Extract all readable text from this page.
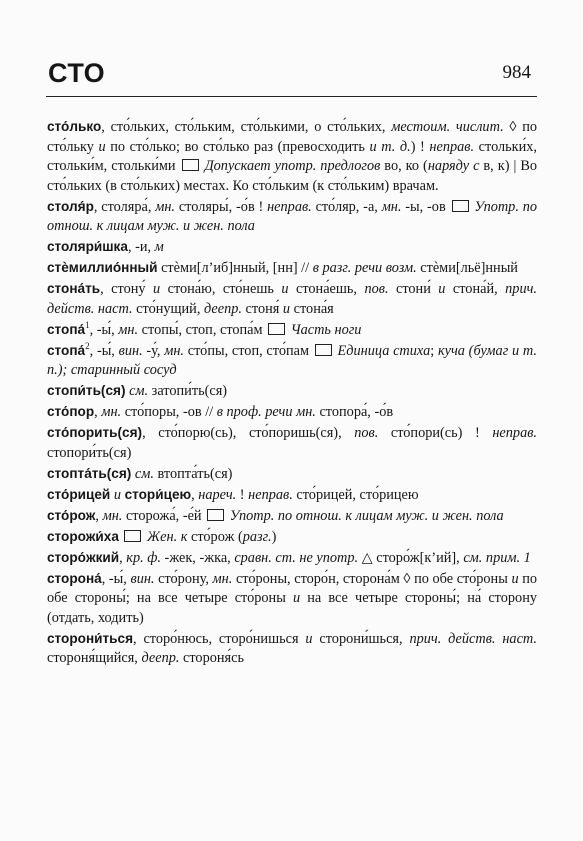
СТО	984

сто́лько, сто́льких, сто́льким, сто́лькими, о сто́льких, местоим. числит. ◊ по сто́льку и по сто́лько; во сто́лько раз (превосходить и т. д.) ! неправ. стольки́х, стольки́м, стольки́ми  Допускает употр. предлогов во, ко (наряду с в, к) | Во сто́льких (в сто́льких) местах. Ко сто́льким (к сто́льким) врачам.

столя́р, столяра́, мн. столяры́, -о́в ! неправ. сто́ляр, -а, мн. -ы, -ов  Употр. по отнош. к лицам муж. и жен. пола

столяри́шка, -и, м

стѐмиллио́нный стѐми[л’иб]нный, [нн] // в разг. речи возм. стѐми[льё]нный

стона́ть, стону́ и стона́ю, сто́нешь и стона́ешь, пов. стони́ и стона́й, прич. действ. наст. сто́нущий, деепр. стоня́ и стона́я

стопа́$^1$, -ы́, мн. стопы́, стоп, стопа́м  Часть ноги

стопа́$^2$, -ы́, вин. -у́, мн. сто́пы, стоп, сто́пам  Единица стиха; куча (бумаг и т. п.); старинный сосуд

стопи́ть(ся) см. затопи́ть(ся)

сто́пор, мн. сто́поры, -ов // в проф. речи мн. стопора́, -о́в

сто́порить(ся), сто́порю(сь), сто́поришь(ся), пов. сто́пори(сь) ! неправ. стопори́ть(ся)

стопта́ть(ся) см. втопта́ть(ся)

сто́рицей и стори́цею, нареч. ! неправ. сто́рицей, сто́рицею

сто́рож, мн. сторожа́, -е́й  Употр. по отнош. к лицам муж. и жен. пола

сторожи́ха Жен. к сто́рож (разг.)

сторо́жкий, кр. ф. -жек, -жка, сравн. ст. не употр. △ сторо́ж[к’ий], см. прим. 1

сторона́, -ы́, вин. сто́рону, мн. сто́роны, сторо́н, сторона́м ◊ по обе сто́роны и по обе стороны́; на все четыре сто́роны и на все четыре стороны́; на́ сторону (отдать, ходить)

сторони́ться, сторо́нюсь, сторо́нишься и сторони́шься, прич. действ. наст. стороня́щийся, деепр. стороня́сь
